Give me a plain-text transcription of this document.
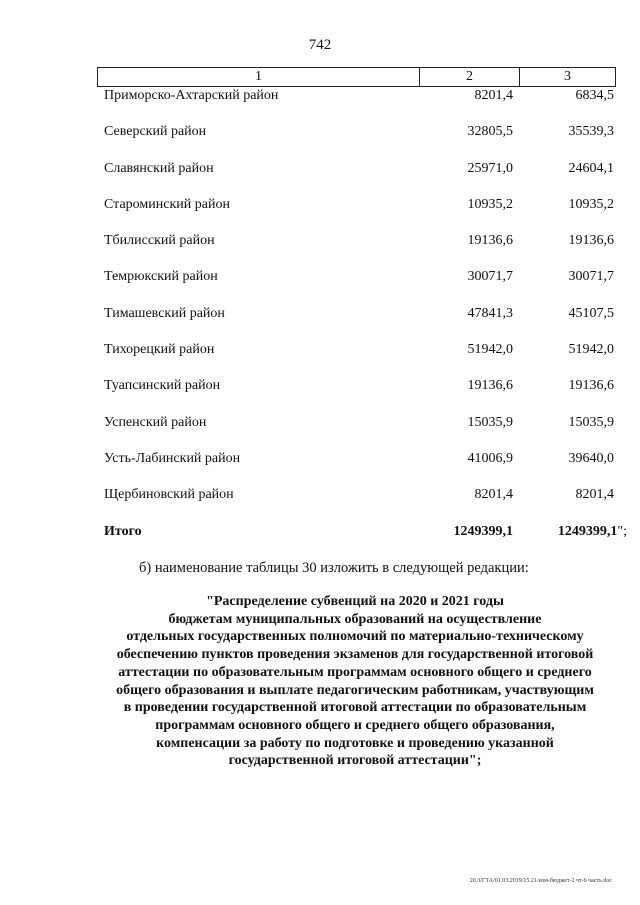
742
1	2	3
Приморско-Ахтарский район	8201,4	6834,5
Северский район	32805,5	35539,3
Славянский район	25971,0	24604,1
Староминский район	10935,2	10935,2
Тбилисский район	19136,6	19136,6
Темрюкский район	30071,7	30071,7
Тимашевский район	47841,3	45107,5
Тихорецкий район	51942,0	51942,0
Туапсинский район	19136,6	19136,6
Успенский район	15035,9	15035,9
Усть-Лабинский район	41006,9	39640,0
Щербиновский район	8201,4	8201,4
Итого	1249399,1	1249399,1";
б) наименование таблицы 30 изложить в следующей редакции:
"Распределение субвенций на 2020 и 2021 годы
бюджетам муниципальных образований на осуществление
отдельных государственных полномочий по материально-техническому
обеспечению пунктов проведения экзаменов для государственной итоговой
аттестации по образовательным программам основного общего и среднего
общего образования и выплате педагогическим работникам, участвующим
в проведении государственной итоговой аттестации по образовательным
программам основного общего и среднего общего образования,
компенсации за работу по подготовке и проведению указанной
государственной итоговой аттестации";
20.3/ГТА/01.03.2019/15.21/изм-бюджет-2 чт-6 часть.doc
